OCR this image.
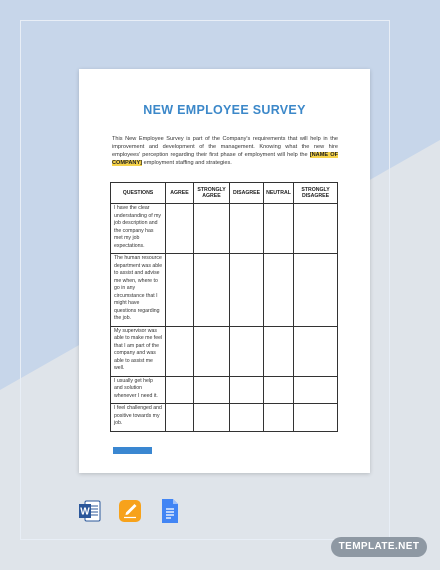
NEW EMPLOYEE SURVEY
This New Employee Survey is part of the Company's requirements that will help in the improvement and development of the management. Knowing what the new hire employees' perception regarding their first phase of employment will help the [NAME OF COMPANY] employment staffing and strategies.
QUESTIONS	AGREE	STRONGLY AGREE	DISAGREE	NEUTRAL	STRONGLY DISAGREE
I have the clear understanding of my job description and the company has met my job expectations.					
The human resource department was able to assist and advise me when, where to go in any circumstance that I might have questions regarding the job.					
My supervisor was able to make me feel that I am part of the company and was able to assist me well.					
I usually get help and solution whenever I need it.					
I feel challenged and positive towards my job.					
W
TEMPLATE.NET
